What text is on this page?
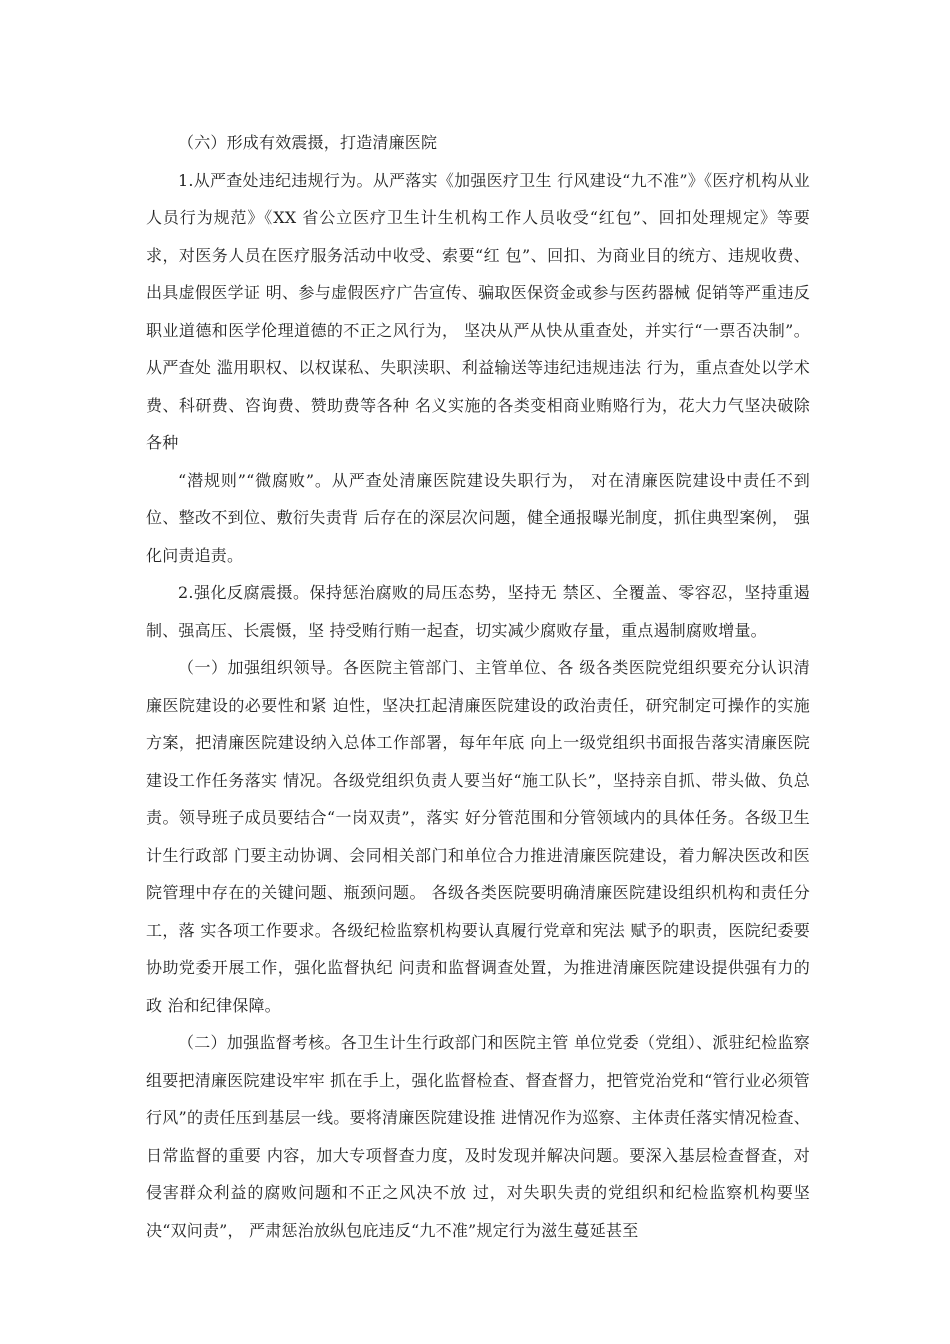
（六）形成有效震摄，打造清廉医院

1.从严查处违纪违规行为。从严落实《加强医疗卫生 行风建设“九不准”》《医疗机构从业人员行为规范》《XX 省公立医疗卫生计生机构工作人员收受“红包”、回扣处理规定》等要求，对医务人员在医疗服务活动中收受、索要“红 包”、回扣、为商业目的统方、违规收费、出具虚假医学证 明、参与虚假医疗广告宣传、骗取医保资金或参与医药器械 促销等严重违反职业道德和医学伦理道德的不正之风行为， 坚决从严从快从重查处，并实行“一票否决制”。从严查处 滥用职权、以权谋私、失职渎职、利益输送等违纪违规违法 行为，重点查处以学术费、科研费、咨询费、赞助费等各种 名义实施的各类变相商业贿赂行为，花大力气坚决破除各种

“潜规则”“微腐败”。从严查处清廉医院建设失职行为， 对在清廉医院建设中责任不到位、整改不到位、敷衍失责背 后存在的深层次问题，健全通报曝光制度，抓住典型案例， 强化问责追责。

2.强化反腐震摄。保持惩治腐败的局压态势，坚持无 禁区、全覆盖、零容忍，坚持重遏制、强高压、长震慑，坚 持受贿行贿一起查，切实减少腐败存量，重点遏制腐败增量。

（一）加强组织领导。各医院主管部门、主管单位、各 级各类医院党组织要充分认识清廉医院建设的必要性和紧 迫性，坚决扛起清廉医院建设的政治责任，研究制定可操作的实施方案，把清廉医院建设纳入总体工作部署，每年年底 向上一级党组织书面报告落实清廉医院建设工作任务落实 情况。各级党组织负责人要当好“施工队长”，坚持亲自抓、带头做、负总责。领导班子成员要结合“一岗双责”，落实 好分管范围和分管领域内的具体任务。各级卫生计生行政部 门要主动协调、会同相关部门和单位合力推进清廉医院建设，着力解决医改和医院管理中存在的关键问题、瓶颈问题。 各级各类医院要明确清廉医院建设组织机构和责任分工，落 实各项工作要求。各级纪检监察机构要认真履行党章和宪法 赋予的职责，医院纪委要协助党委开展工作，强化监督执纪 问责和监督调查处置，为推进清廉医院建设提供强有力的政 治和纪律保障。

（二）加强监督考核。各卫生计生行政部门和医院主管 单位党委（党组）、派驻纪检监察组要把清廉医院建设牢牢 抓在手上，强化监督检查、督查督力，把管党治党和“管行业必须管行风”的责任压到基层一线。要将清廉医院建设推 进情况作为巡察、主体责任落实情况检查、日常监督的重要 内容，加大专项督查力度，及时发现并解决问题。要深入基层检查督查，对侵害群众利益的腐败问题和不正之风决不放 过，对失职失责的党组织和纪检监察机构要坚决“双问责”， 严肃惩治放纵包庇违反“九不准”规定行为滋生蔓延甚至
